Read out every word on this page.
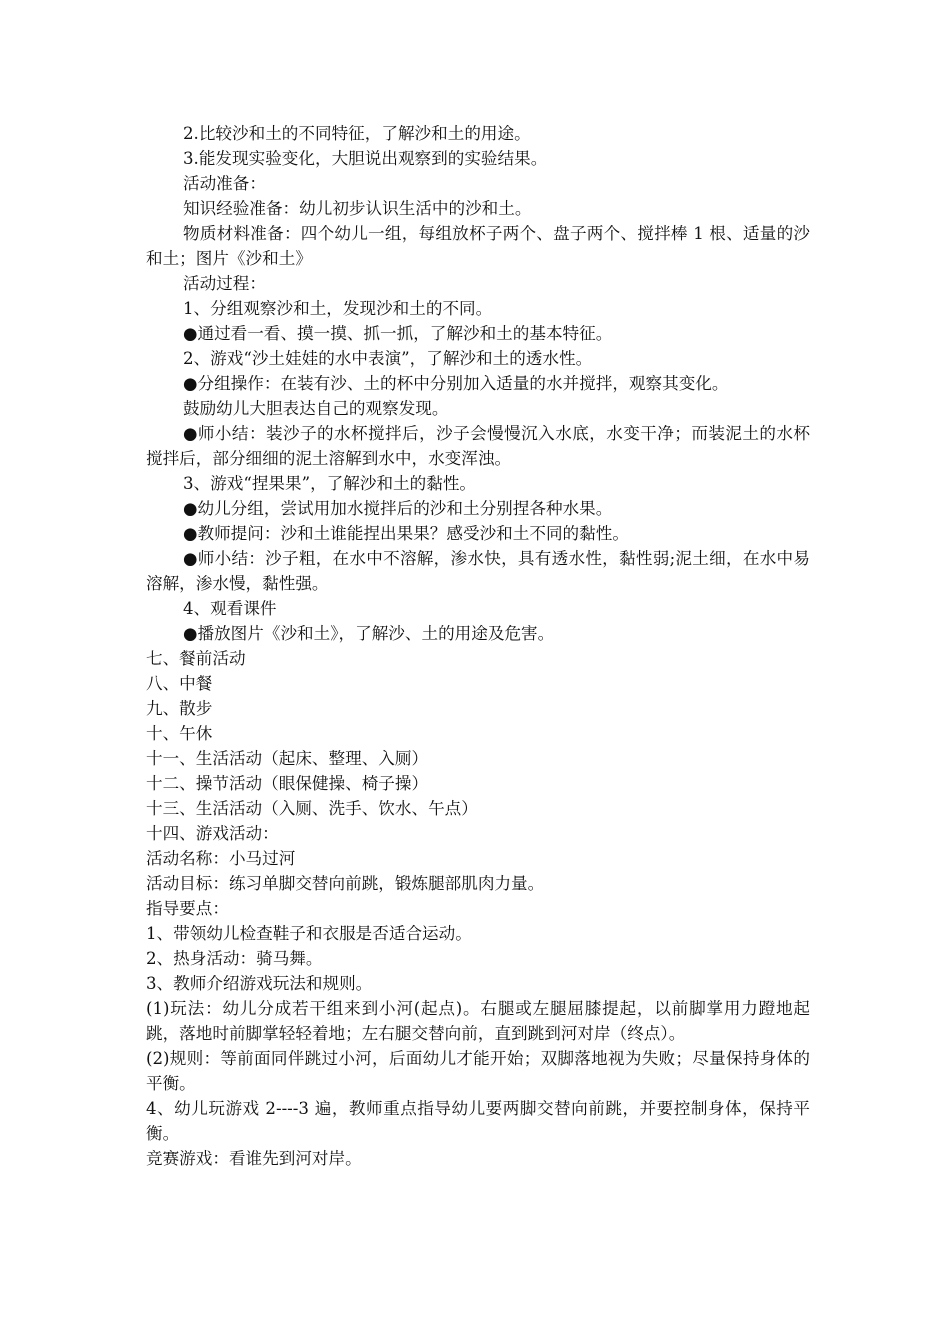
2.比较沙和土的不同特征，了解沙和土的用途。

3.能发现实验变化，大胆说出观察到的实验结果。

活动准备：

知识经验准备：幼儿初步认识生活中的沙和土。

物质材料准备：四个幼儿一组，每组放杯子两个、盘子两个、搅拌棒 1 根、适量的沙和土；图片《沙和土》

活动过程：

1、分组观察沙和土，发现沙和土的不同。

●通过看一看、摸一摸、抓一抓，了解沙和土的基本特征。

2、游戏“沙土娃娃的水中表演”，了解沙和土的透水性。

●分组操作：在装有沙、土的杯中分别加入适量的水并搅拌，观察其变化。

鼓励幼儿大胆表达自己的观察发现。

●师小结：装沙子的水杯搅拌后，沙子会慢慢沉入水底，水变干净；而装泥土的水杯搅拌后，部分细细的泥土溶解到水中，水变浑浊。

3、游戏“捏果果”，了解沙和土的黏性。

●幼儿分组，尝试用加水搅拌后的沙和土分别捏各种水果。

●教师提问：沙和土谁能捏出果果？感受沙和土不同的黏性。

●师小结：沙子粗，在水中不溶解，渗水快，具有透水性，黏性弱;泥土细，在水中易溶解，渗水慢，黏性强。

4、观看课件

●播放图片《沙和土》，了解沙、土的用途及危害。

七、餐前活动

八、中餐

九、散步

十、午休

十一、生活活动（起床、整理、入厕）

十二、操节活动（眼保健操、椅子操）

十三、生活活动（入厕、洗手、饮水、午点）

十四、游戏活动：

活动名称：小马过河

活动目标：练习单脚交替向前跳，锻炼腿部肌肉力量。

指导要点：

1、带领幼儿检查鞋子和衣服是否适合运动。

2、热身活动：骑马舞。

3、教师介绍游戏玩法和规则。

(1)玩法：幼儿分成若干组来到小河(起点)。右腿或左腿屈膝提起，以前脚掌用力蹬地起跳，落地时前脚掌轻轻着地；左右腿交替向前，直到跳到河对岸（终点）。

(2)规则：等前面同伴跳过小河，后面幼儿才能开始；双脚落地视为失败；尽量保持身体的平衡。

4、幼儿玩游戏 2----3 遍，教师重点指导幼儿要两脚交替向前跳，并要控制身体，保持平衡。

竞赛游戏：看谁先到河对岸。
